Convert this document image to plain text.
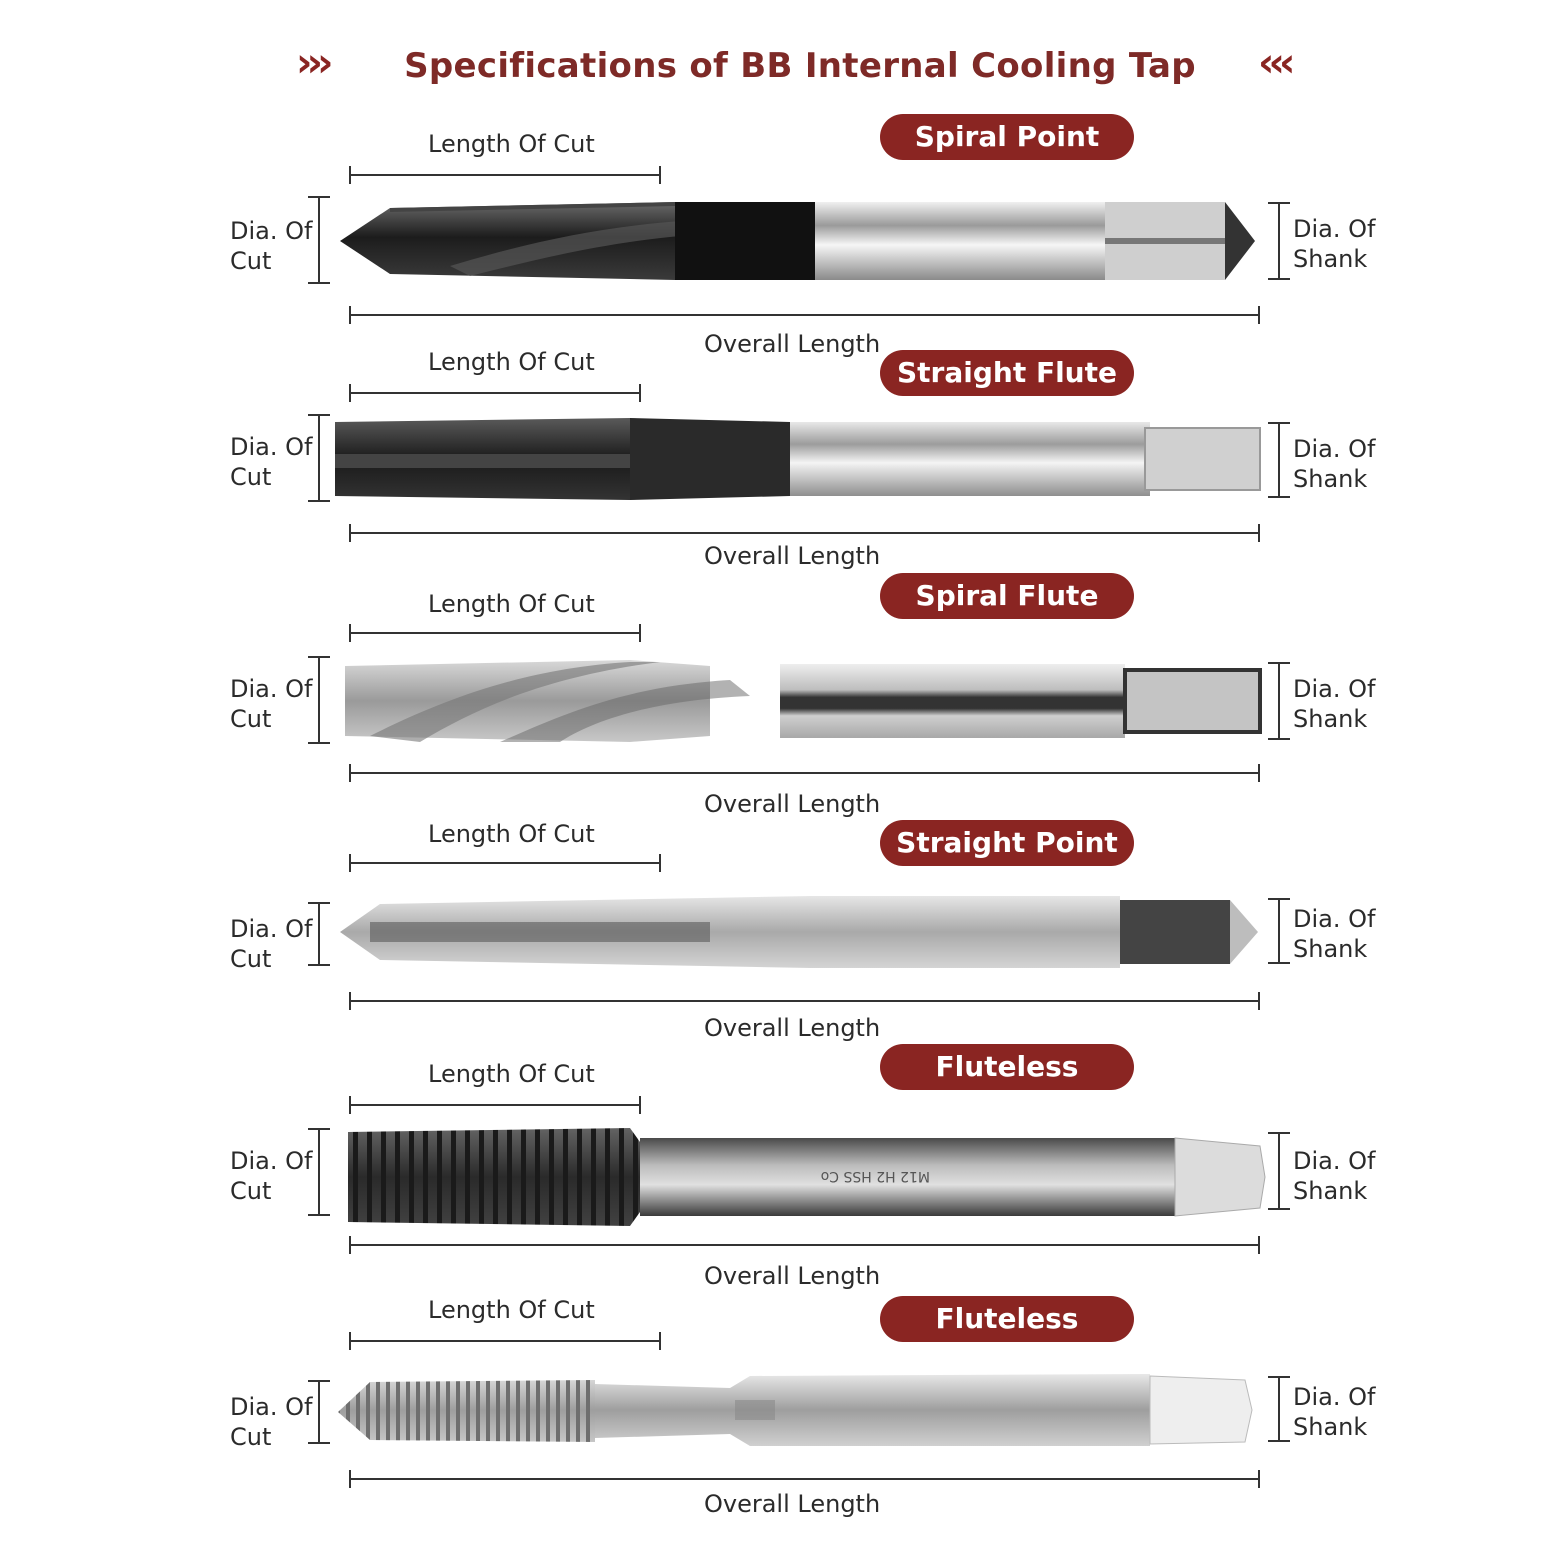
››› Specifications of BB Internal Cooling Tap ‹‹‹
Length Of Cut	Spiral Point
Dia. Of Cut
Dia. Of Shank
Overall Length
Length Of Cut	Straight Flute
Dia. Of Cut
Dia. Of Shank
Overall Length
Length Of Cut	Spiral Flute
Dia. Of Cut
Dia. Of Shank
Overall Length
Length Of Cut	Straight Point
Dia. Of Cut
Dia. Of Shank
Overall Length
Length Of Cut	Fluteless
Dia. Of Cut
M12 H2 HSS Co
Dia. Of Shank
Overall Length
Length Of Cut	Fluteless
Dia. Of Cut
Dia. Of Shank
Overall Length
